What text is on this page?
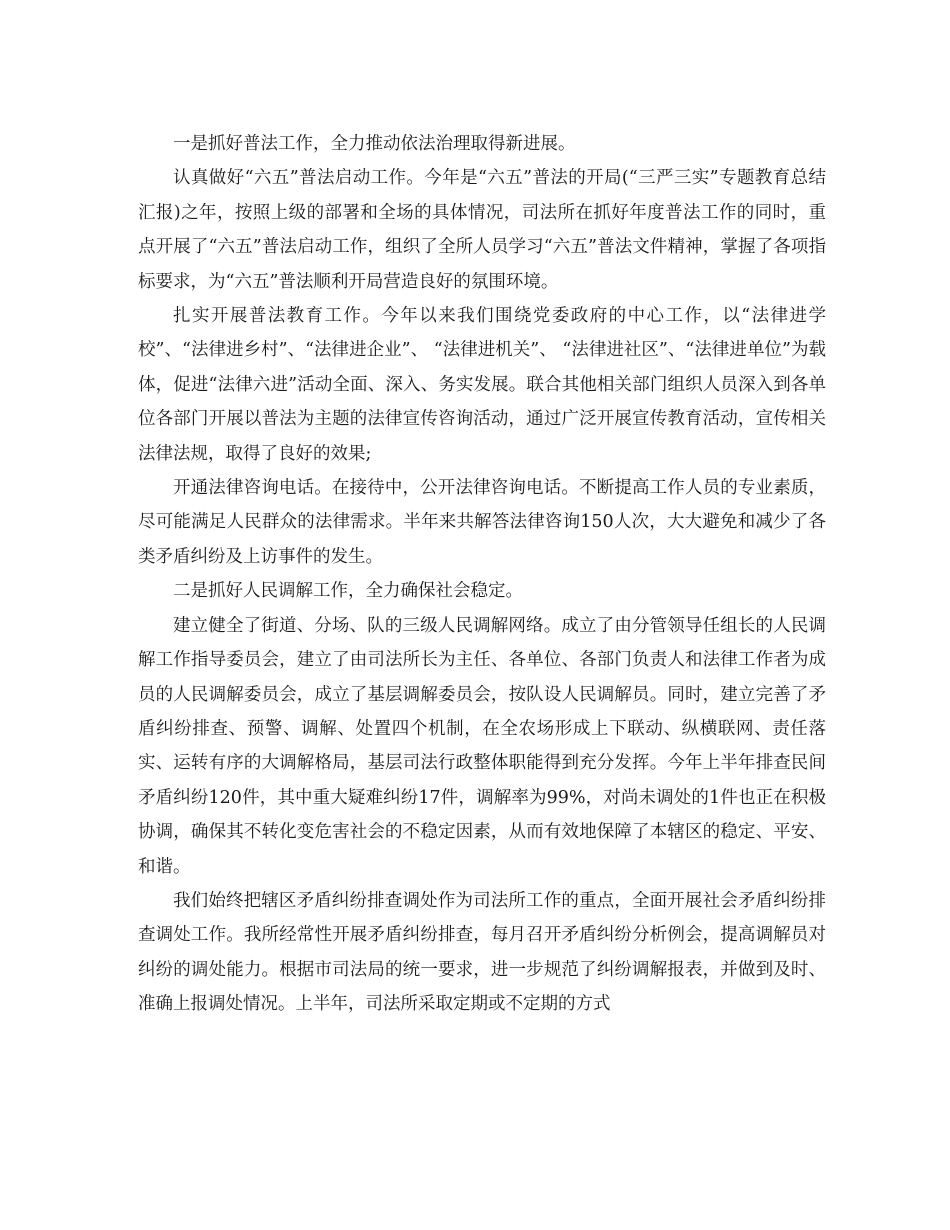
一是抓好普法工作，全力推动依法治理取得新进展。

认真做好“六五”普法启动工作。今年是“六五”普法的开局(“三严三实”专题教育总结汇报)之年，按照上级的部署和全场的具体情况，司法所在抓好年度普法工作的同时，重点开展了“六五”普法启动工作，组织了全所人员学习“六五”普法文件精神，掌握了各项指标要求，为“六五”普法顺利开局营造良好的氛围环境。

扎实开展普法教育工作。今年以来我们围绕党委政府的中心工作，以“法律进学校”、“法律进乡村”、“法律进企业”、 “法律进机关”、 “法律进社区”、“法律进单位”为载体，促进“法律六进”活动全面、深入、务实发展。联合其他相关部门组织人员深入到各单位各部门开展以普法为主题的法律宣传咨询活动，通过广泛开展宣传教育活动，宣传相关法律法规，取得了良好的效果;

开通法律咨询电话。在接待中，公开法律咨询电话。不断提高工作人员的专业素质，尽可能满足人民群众的法律需求。半年来共解答法律咨询150人次，大大避免和减少了各类矛盾纠纷及上访事件的发生。

二是抓好人民调解工作，全力确保社会稳定。

建立健全了街道、分场、队的三级人民调解网络。成立了由分管领导任组长的人民调解工作指导委员会，建立了由司法所长为主任、各单位、各部门负责人和法律工作者为成员的人民调解委员会，成立了基层调解委员会，按队设人民调解员。同时，建立完善了矛盾纠纷排查、预警、调解、处置四个机制，在全农场形成上下联动、纵横联网、责任落实、运转有序的大调解格局，基层司法行政整体职能得到充分发挥。今年上半年排查民间矛盾纠纷120件，其中重大疑难纠纷17件，调解率为99%，对尚未调处的1件也正在积极协调，确保其不转化变危害社会的不稳定因素，从而有效地保障了本辖区的稳定、平安、和谐。

我们始终把辖区矛盾纠纷排查调处作为司法所工作的重点，全面开展社会矛盾纠纷排查调处工作。我所经常性开展矛盾纠纷排查，每月召开矛盾纠纷分析例会，提高调解员对纠纷的调处能力。根据市司法局的统一要求，进一步规范了纠纷调解报表，并做到及时、准确上报调处情况。上半年，司法所采取定期或不定期的方式
